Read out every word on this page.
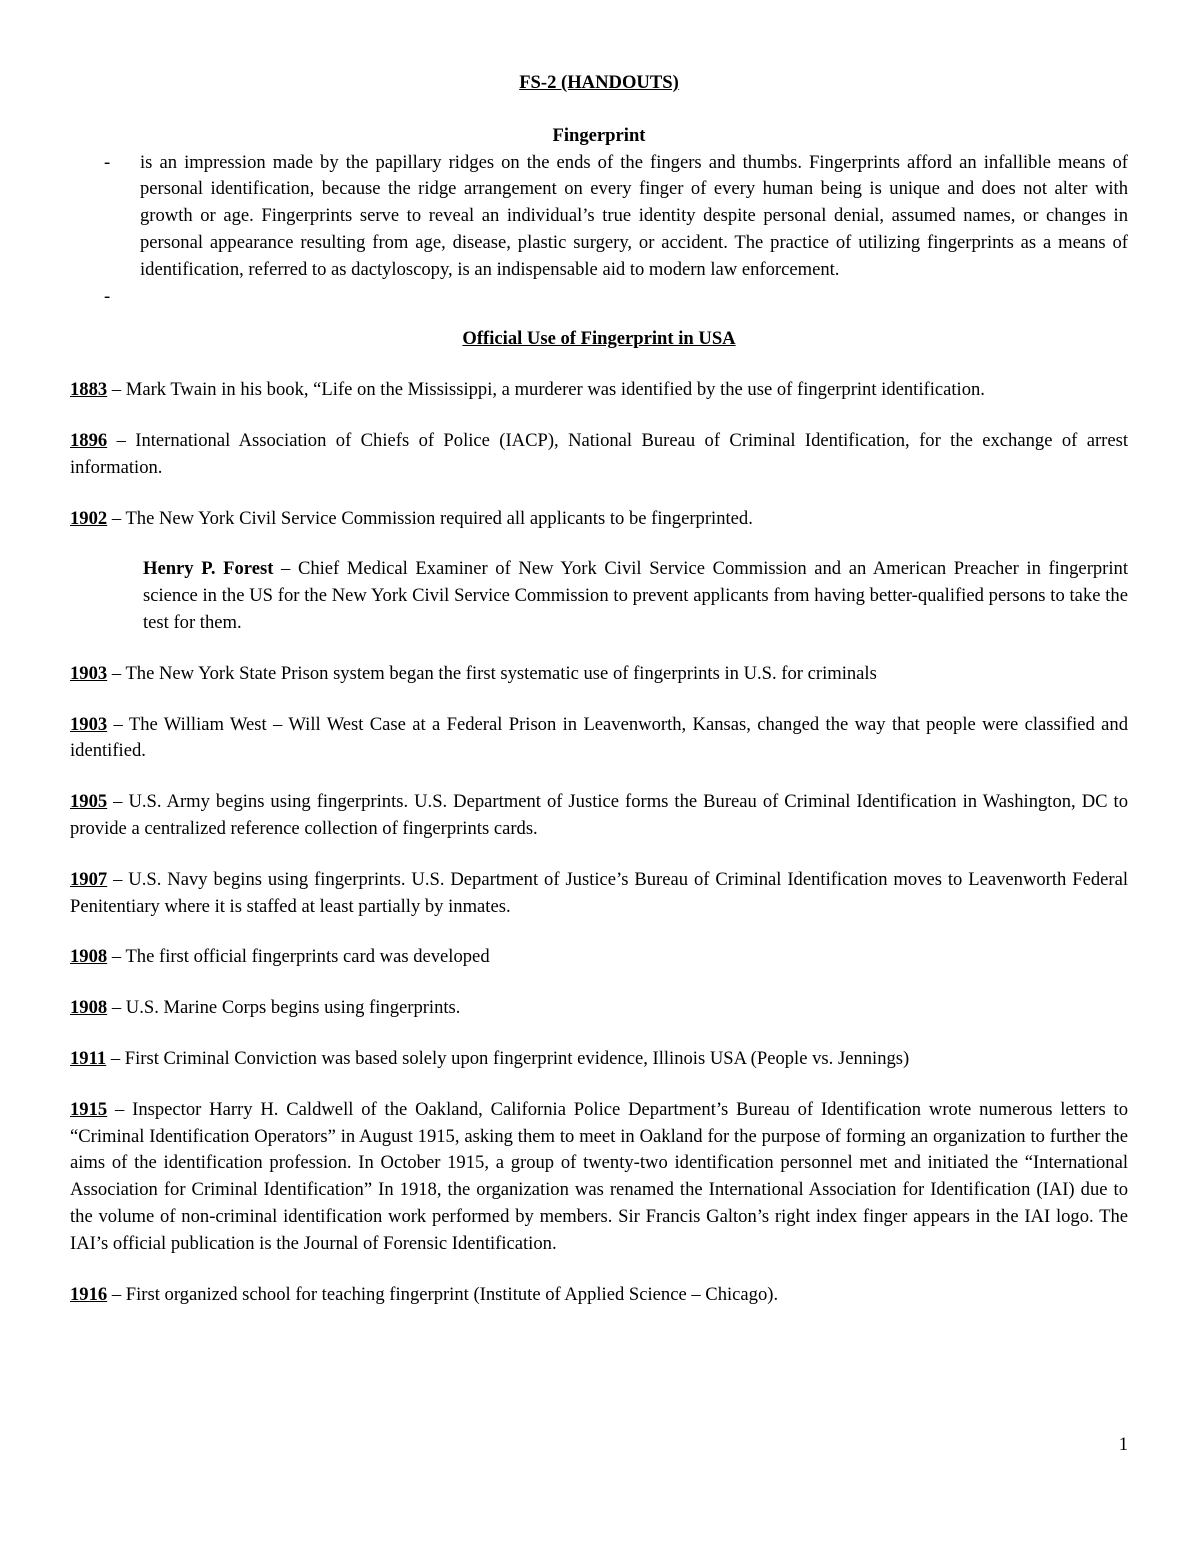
FS-2 (HANDOUTS)

Fingerprint

- is an impression made by the papillary ridges on the ends of the fingers and thumbs. Fingerprints afford an infallible means of personal identification, because the ridge arrangement on every finger of every human being is unique and does not alter with growth or age. Fingerprints serve to reveal an individual’s true identity despite personal denial, assumed names, or changes in personal appearance resulting from age, disease, plastic surgery, or accident. The practice of utilizing fingerprints as a means of identification, referred to as dactyloscopy, is an indispensable aid to modern law enforcement.
-

Official Use of Fingerprint in USA

1883 – Mark Twain in his book, “Life on the Mississippi, a murderer was identified by the use of fingerprint identification.

1896 – International Association of Chiefs of Police (IACP), National Bureau of Criminal Identification, for the exchange of arrest information.

1902 – The New York Civil Service Commission required all applicants to be fingerprinted.

Henry P. Forest – Chief Medical Examiner of New York Civil Service Commission and an American Preacher in fingerprint science in the US for the New York Civil Service Commission to prevent applicants from having better-qualified persons to take the test for them.

1903 – The New York State Prison system began the first systematic use of fingerprints in U.S. for criminals

1903 – The William West – Will West Case at a Federal Prison in Leavenworth, Kansas, changed the way that people were classified and identified.

1905 – U.S. Army begins using fingerprints. U.S. Department of Justice forms the Bureau of Criminal Identification in Washington, DC to provide a centralized reference collection of fingerprints cards.

1907 – U.S. Navy begins using fingerprints. U.S. Department of Justice’s Bureau of Criminal Identification moves to Leavenworth Federal Penitentiary where it is staffed at least partially by inmates.

1908 – The first official fingerprints card was developed

1908 – U.S. Marine Corps begins using fingerprints.

1911 – First Criminal Conviction was based solely upon fingerprint evidence, Illinois USA (People vs. Jennings)

1915 – Inspector Harry H. Caldwell of the Oakland, California Police Department’s Bureau of Identification wrote numerous letters to “Criminal Identification Operators” in August 1915, asking them to meet in Oakland for the purpose of forming an organization to further the aims of the identification profession. In October 1915, a group of twenty-two identification personnel met and initiated the “International Association for Criminal Identification” In 1918, the organization was renamed the International Association for Identification (IAI) due to the volume of non-criminal identification work performed by members. Sir Francis Galton’s right index finger appears in the IAI logo. The IAI’s official publication is the Journal of Forensic Identification.

1916 – First organized school for teaching fingerprint (Institute of Applied Science – Chicago).

1
